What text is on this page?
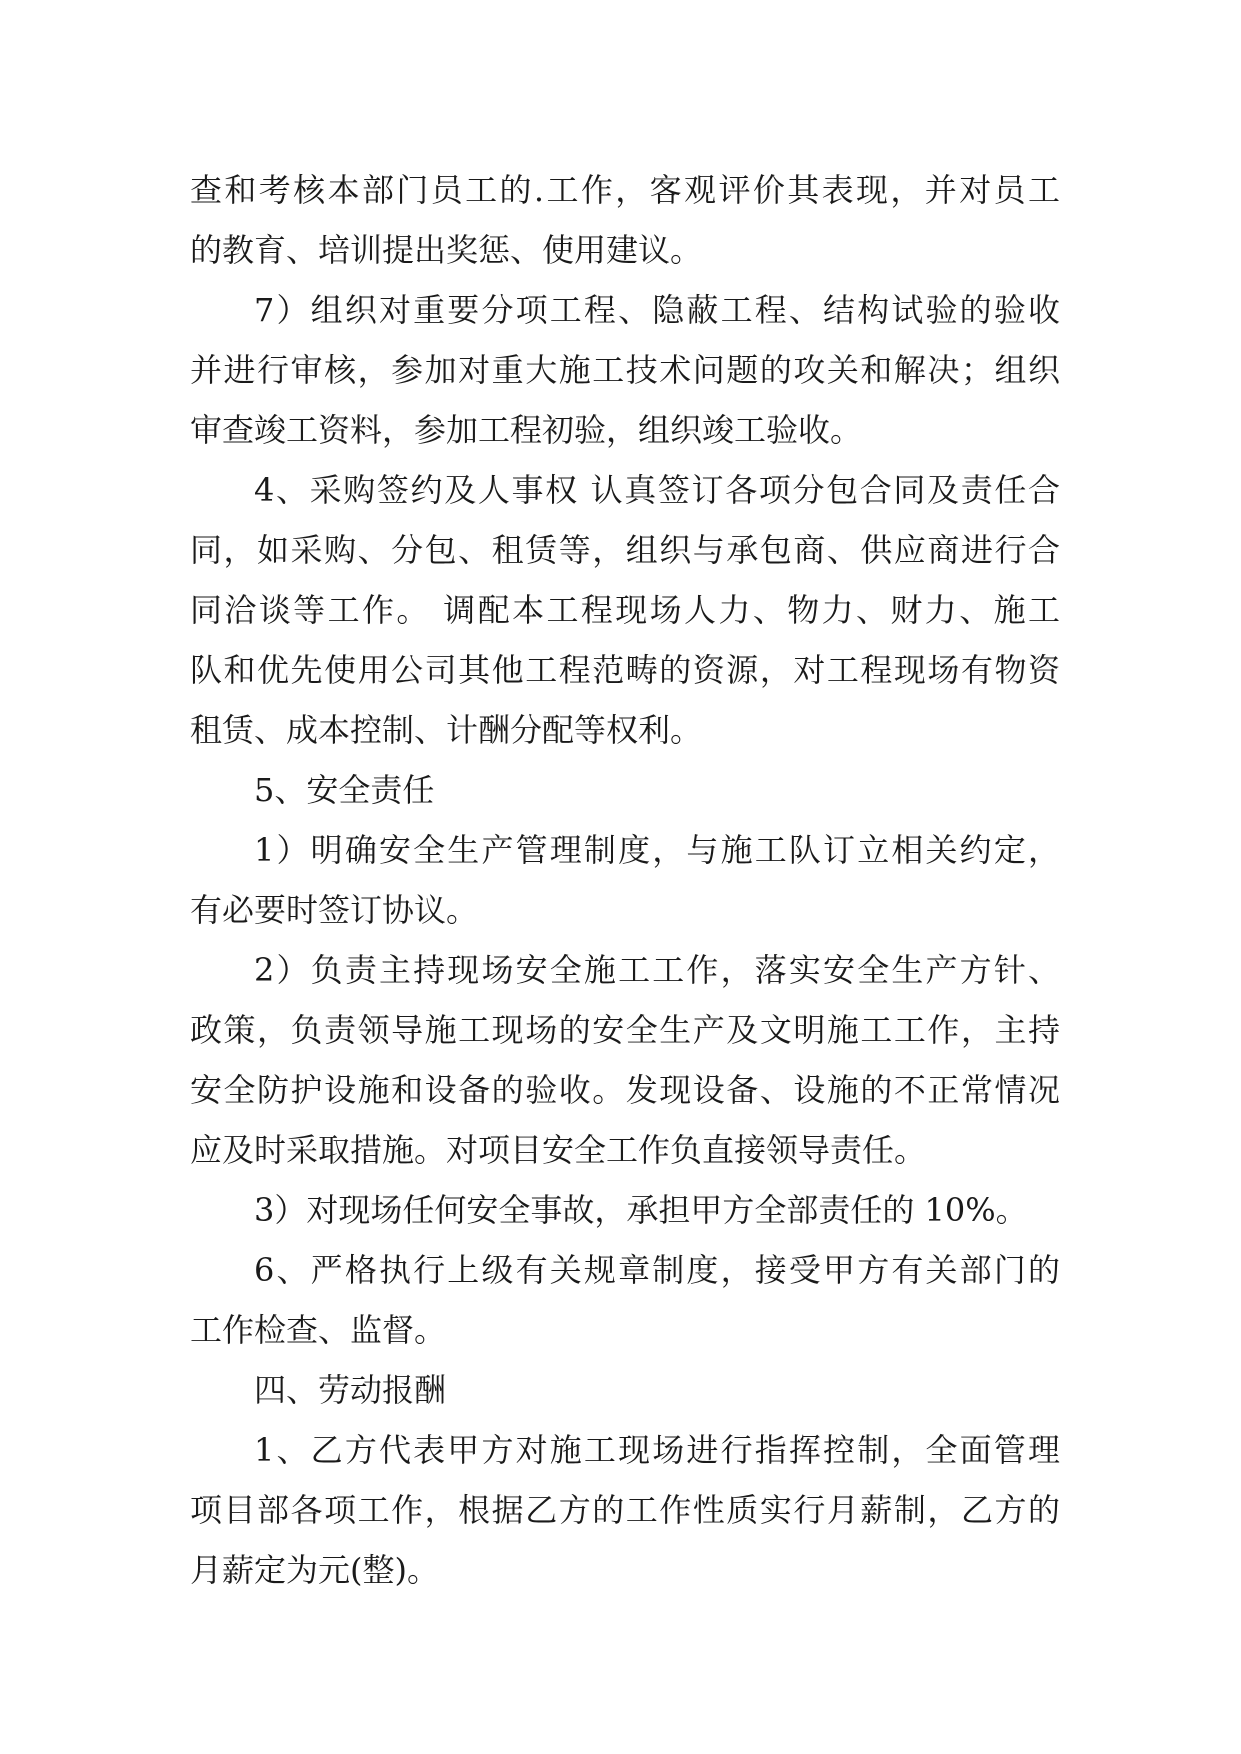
查和考核本部门员工的.工作，客观评价其表现，并对员工
的教育、培训提出奖惩、使用建议。
7）组织对重要分项工程、隐蔽工程、结构试验的验收
并进行审核，参加对重大施工技术问题的攻关和解决；组织
审查竣工资料，参加工程初验，组织竣工验收。
4、采购签约及人事权 认真签订各项分包合同及责任合
同，如采购、分包、租赁等，组织与承包商、供应商进行合
同洽谈等工作。 调配本工程现场人力、物力、财力、施工
队和优先使用公司其他工程范畴的资源，对工程现场有物资
租赁、成本控制、计酬分配等权利。
5、安全责任
1）明确安全生产管理制度，与施工队订立相关约定，
有必要时签订协议。
2）负责主持现场安全施工工作，落实安全生产方针、
政策，负责领导施工现场的安全生产及文明施工工作，主持
安全防护设施和设备的验收。发现设备、设施的不正常情况
应及时采取措施。对项目安全工作负直接领导责任。
3）对现场任何安全事故，承担甲方全部责任的 10%。
6、严格执行上级有关规章制度，接受甲方有关部门的
工作检查、监督。
四、劳动报酬
1、乙方代表甲方对施工现场进行指挥控制，全面管理
项目部各项工作，根据乙方的工作性质实行月薪制，乙方的
月薪定为元(整)。
